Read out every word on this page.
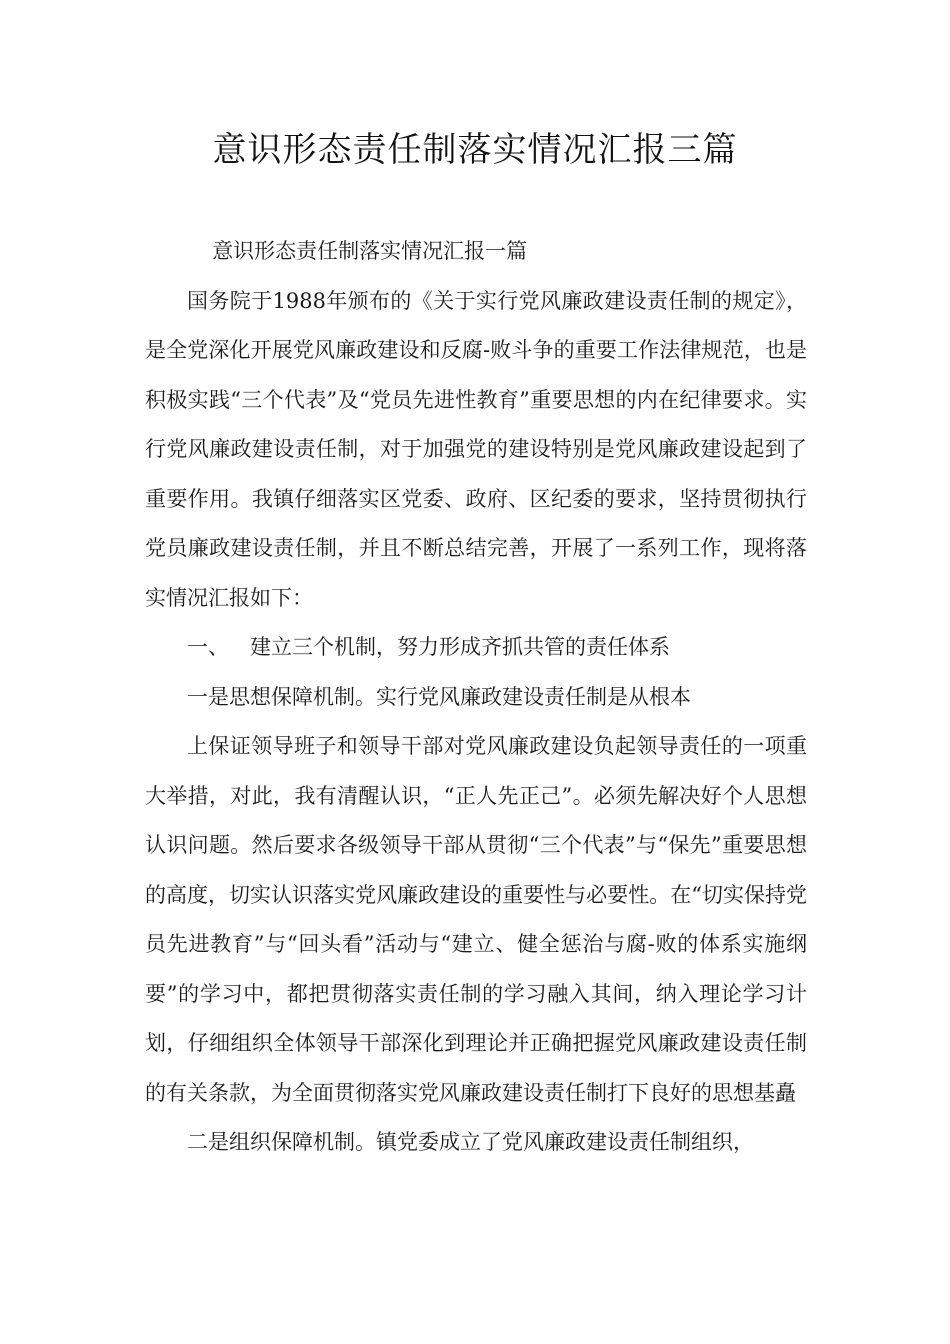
意识形态责任制落实情况汇报三篇

意识形态责任制落实情况汇报一篇

国务院于1988年颁布的《关于实行党风廉政建设责任制的规定》，是全党深化开展党风廉政建设和反腐-败斗争的重要工作法律规范，也是积极实践“三个代表”及“党员先进性教育”重要思想的内在纪律要求。实行党风廉政建设责任制，对于加强党的建设特别是党风廉政建设起到了重要作用。我镇仔细落实区党委、政府、区纪委的要求，坚持贯彻执行党员廉政建设责任制，并且不断总结完善，开展了一系列工作，现将落实情况汇报如下：

一、 建立三个机制，努力形成齐抓共管的责任体系

一是思想保障机制。实行党风廉政建设责任制是从根本

上保证领导班子和领导干部对党风廉政建设负起领导责任的一项重大举措，对此，我有清醒认识，“正人先正己”。必须先解决好个人思想认识问题。然后要求各级领导干部从贯彻“三个代表”与“保先”重要思想的高度，切实认识落实党风廉政建设的重要性与必要性。在“切实保持党员先进教育”与“回头看”活动与“建立、健全惩治与腐-败的体系实施纲要”的学习中，都把贯彻落实责任制的学习融入其间，纳入理论学习计划，仔细组织全体领导干部深化到理论并正确把握党风廉政建设责任制的有关条款，为全面贯彻落实党风廉政建设责任制打下良好的思想基矗

二是组织保障机制。镇党委成立了党风廉政建设责任制组织，
